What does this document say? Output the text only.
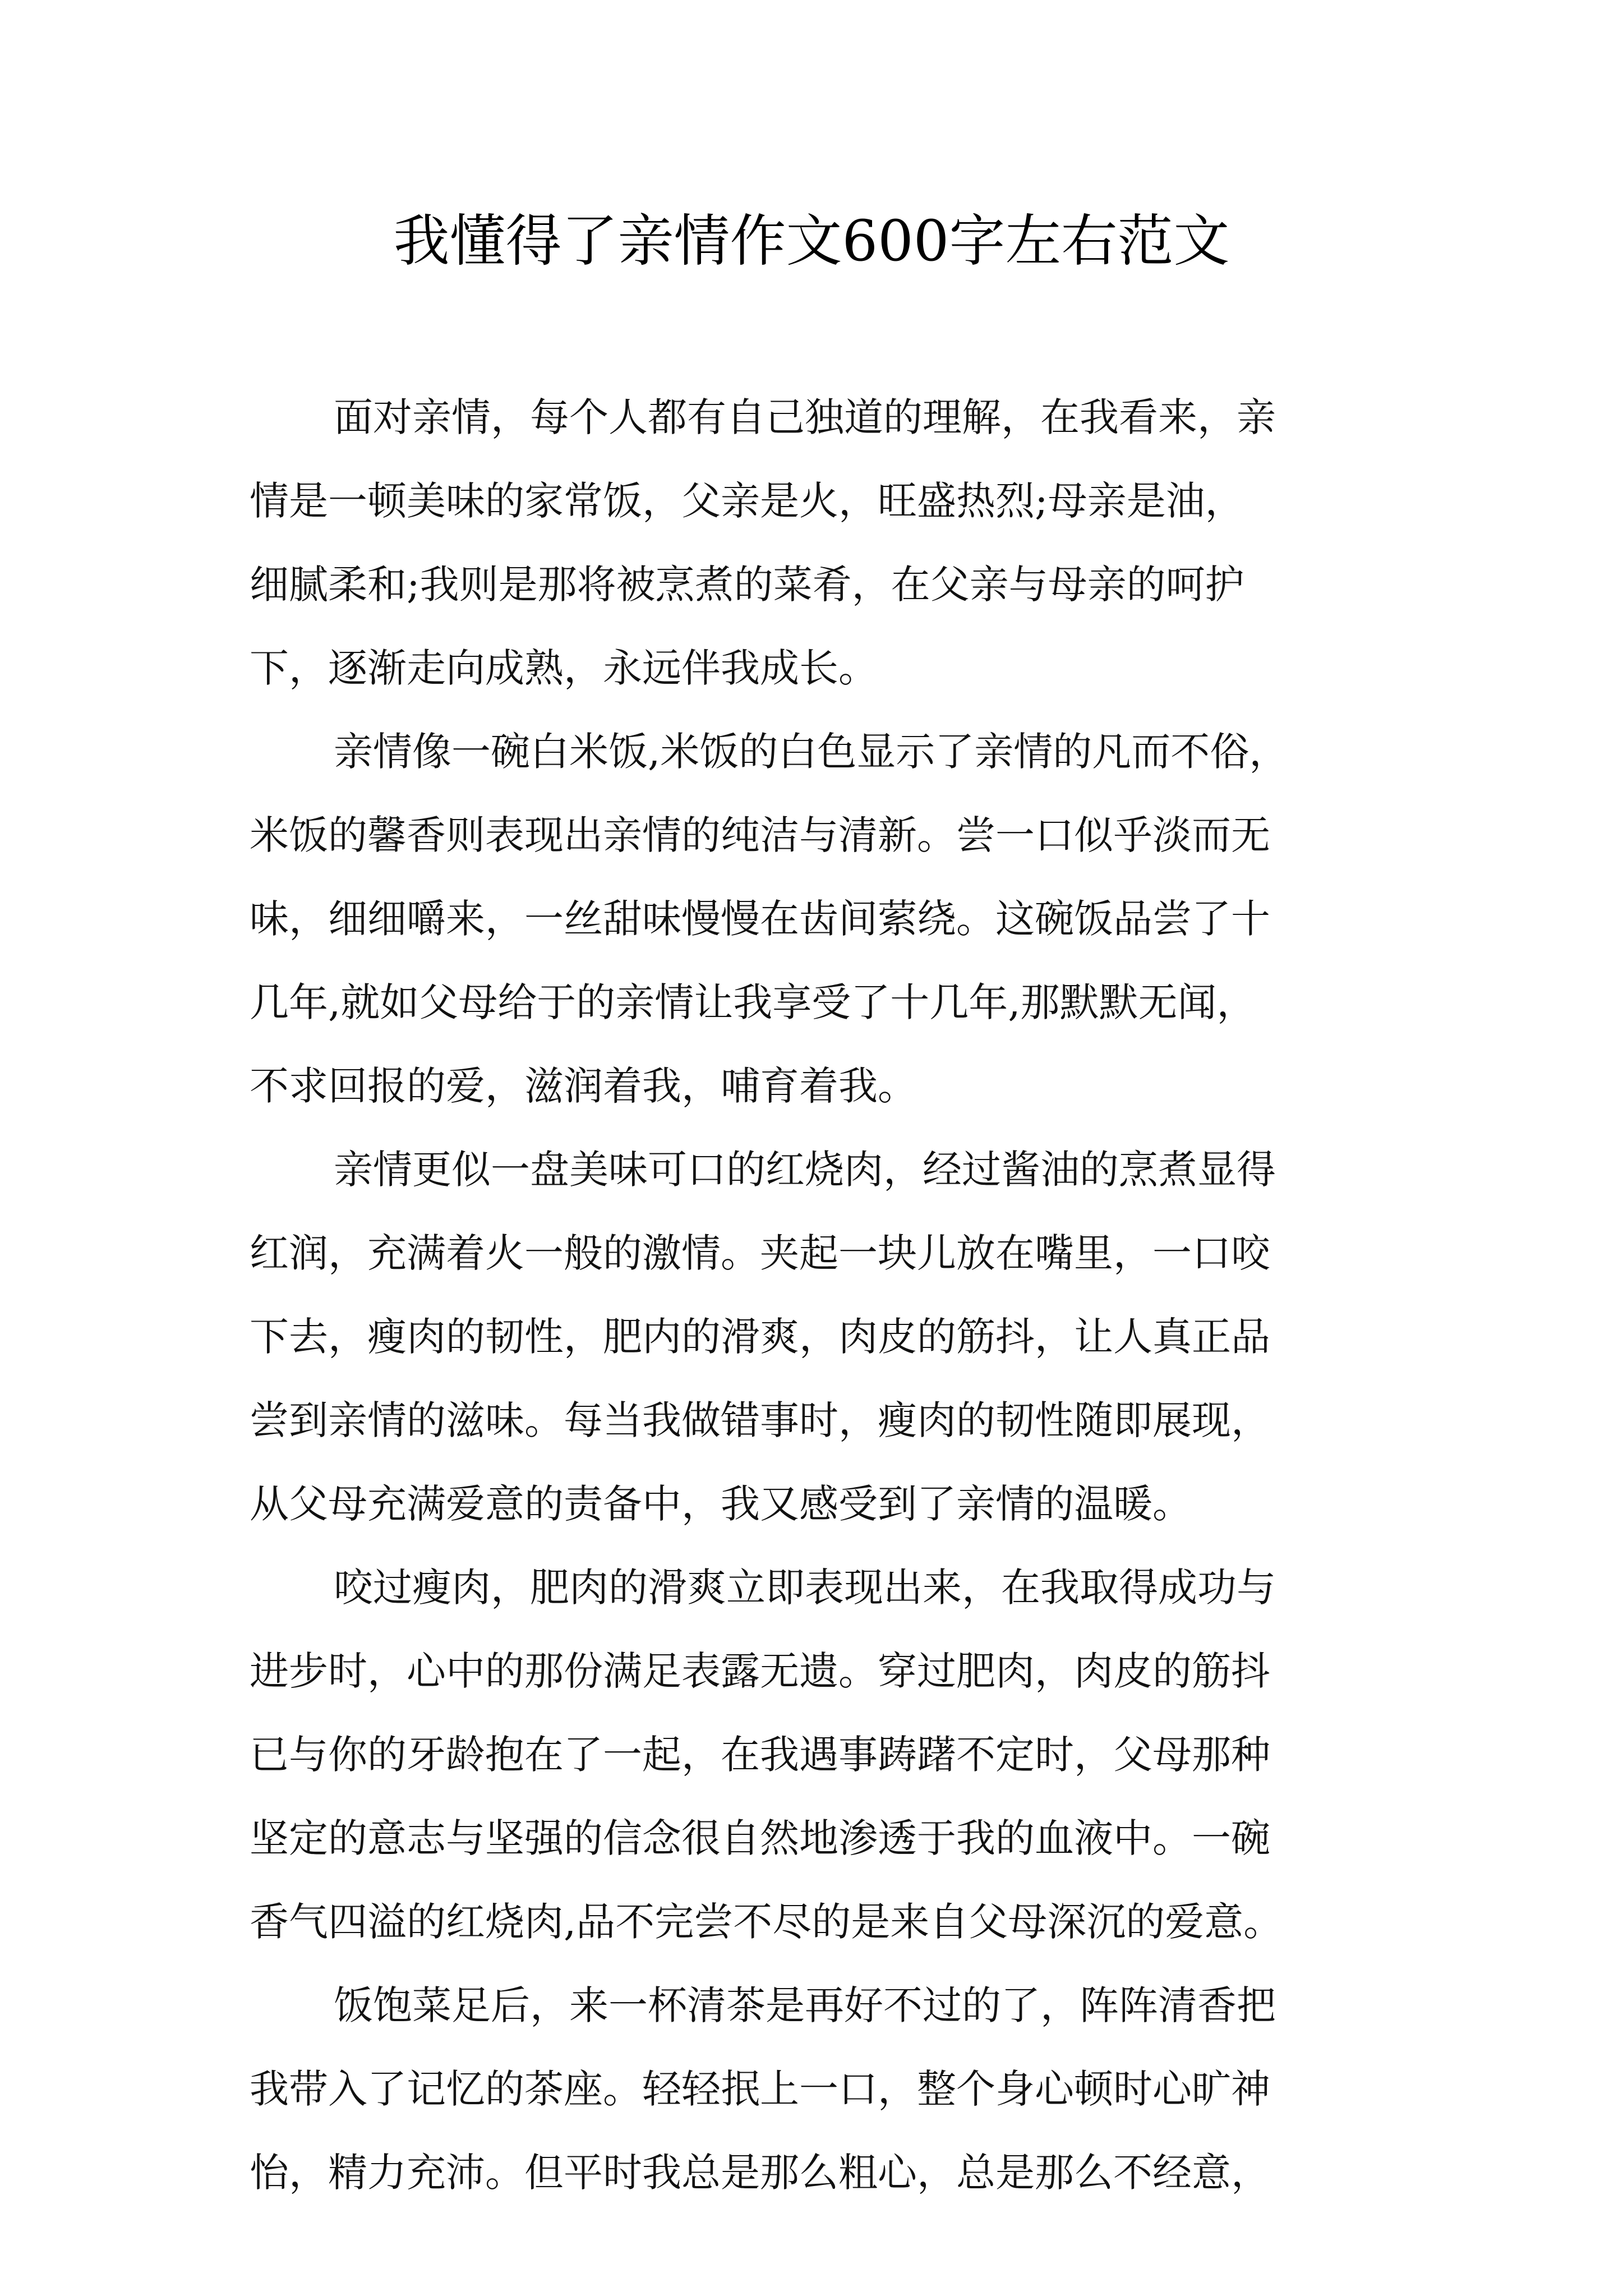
我懂得了亲情作文600字左右范文
面对亲情，每个人都有自己独道的理解，在我看来，亲
情是一顿美味的家常饭，父亲是火，旺盛热烈;母亲是油，
细腻柔和;我则是那将被烹煮的菜肴，在父亲与母亲的呵护
下，逐渐走向成熟，永远伴我成长。
亲情像一碗白米饭,米饭的白色显示了亲情的凡而不俗，
米饭的馨香则表现出亲情的纯洁与清新。尝一口似乎淡而无
味，细细嚼来，一丝甜味慢慢在齿间萦绕。这碗饭品尝了十
几年,就如父母给于的亲情让我享受了十几年,那默默无闻，
不求回报的爱，滋润着我，哺育着我。
亲情更似一盘美味可口的红烧肉，经过酱油的烹煮显得
红润，充满着火一般的激情。夹起一块儿放在嘴里，一口咬
下去，瘦肉的韧性，肥内的滑爽，肉皮的筋抖，让人真正品
尝到亲情的滋味。每当我做错事时，瘦肉的韧性随即展现，
从父母充满爱意的责备中，我又感受到了亲情的温暖。
咬过瘦肉，肥肉的滑爽立即表现出来，在我取得成功与
进步时，心中的那份满足表露无遗。穿过肥肉，肉皮的筋抖
已与你的牙龄抱在了一起，在我遇事踌躇不定时，父母那种
坚定的意志与坚强的信念很自然地渗透于我的血液中。一碗
香气四溢的红烧肉,品不完尝不尽的是来自父母深沉的爱意。
饭饱菜足后，来一杯清茶是再好不过的了，阵阵清香把
我带入了记忆的茶座。轻轻抿上一口，整个身心顿时心旷神
怡，精力充沛。但平时我总是那么粗心，总是那么不经意，
